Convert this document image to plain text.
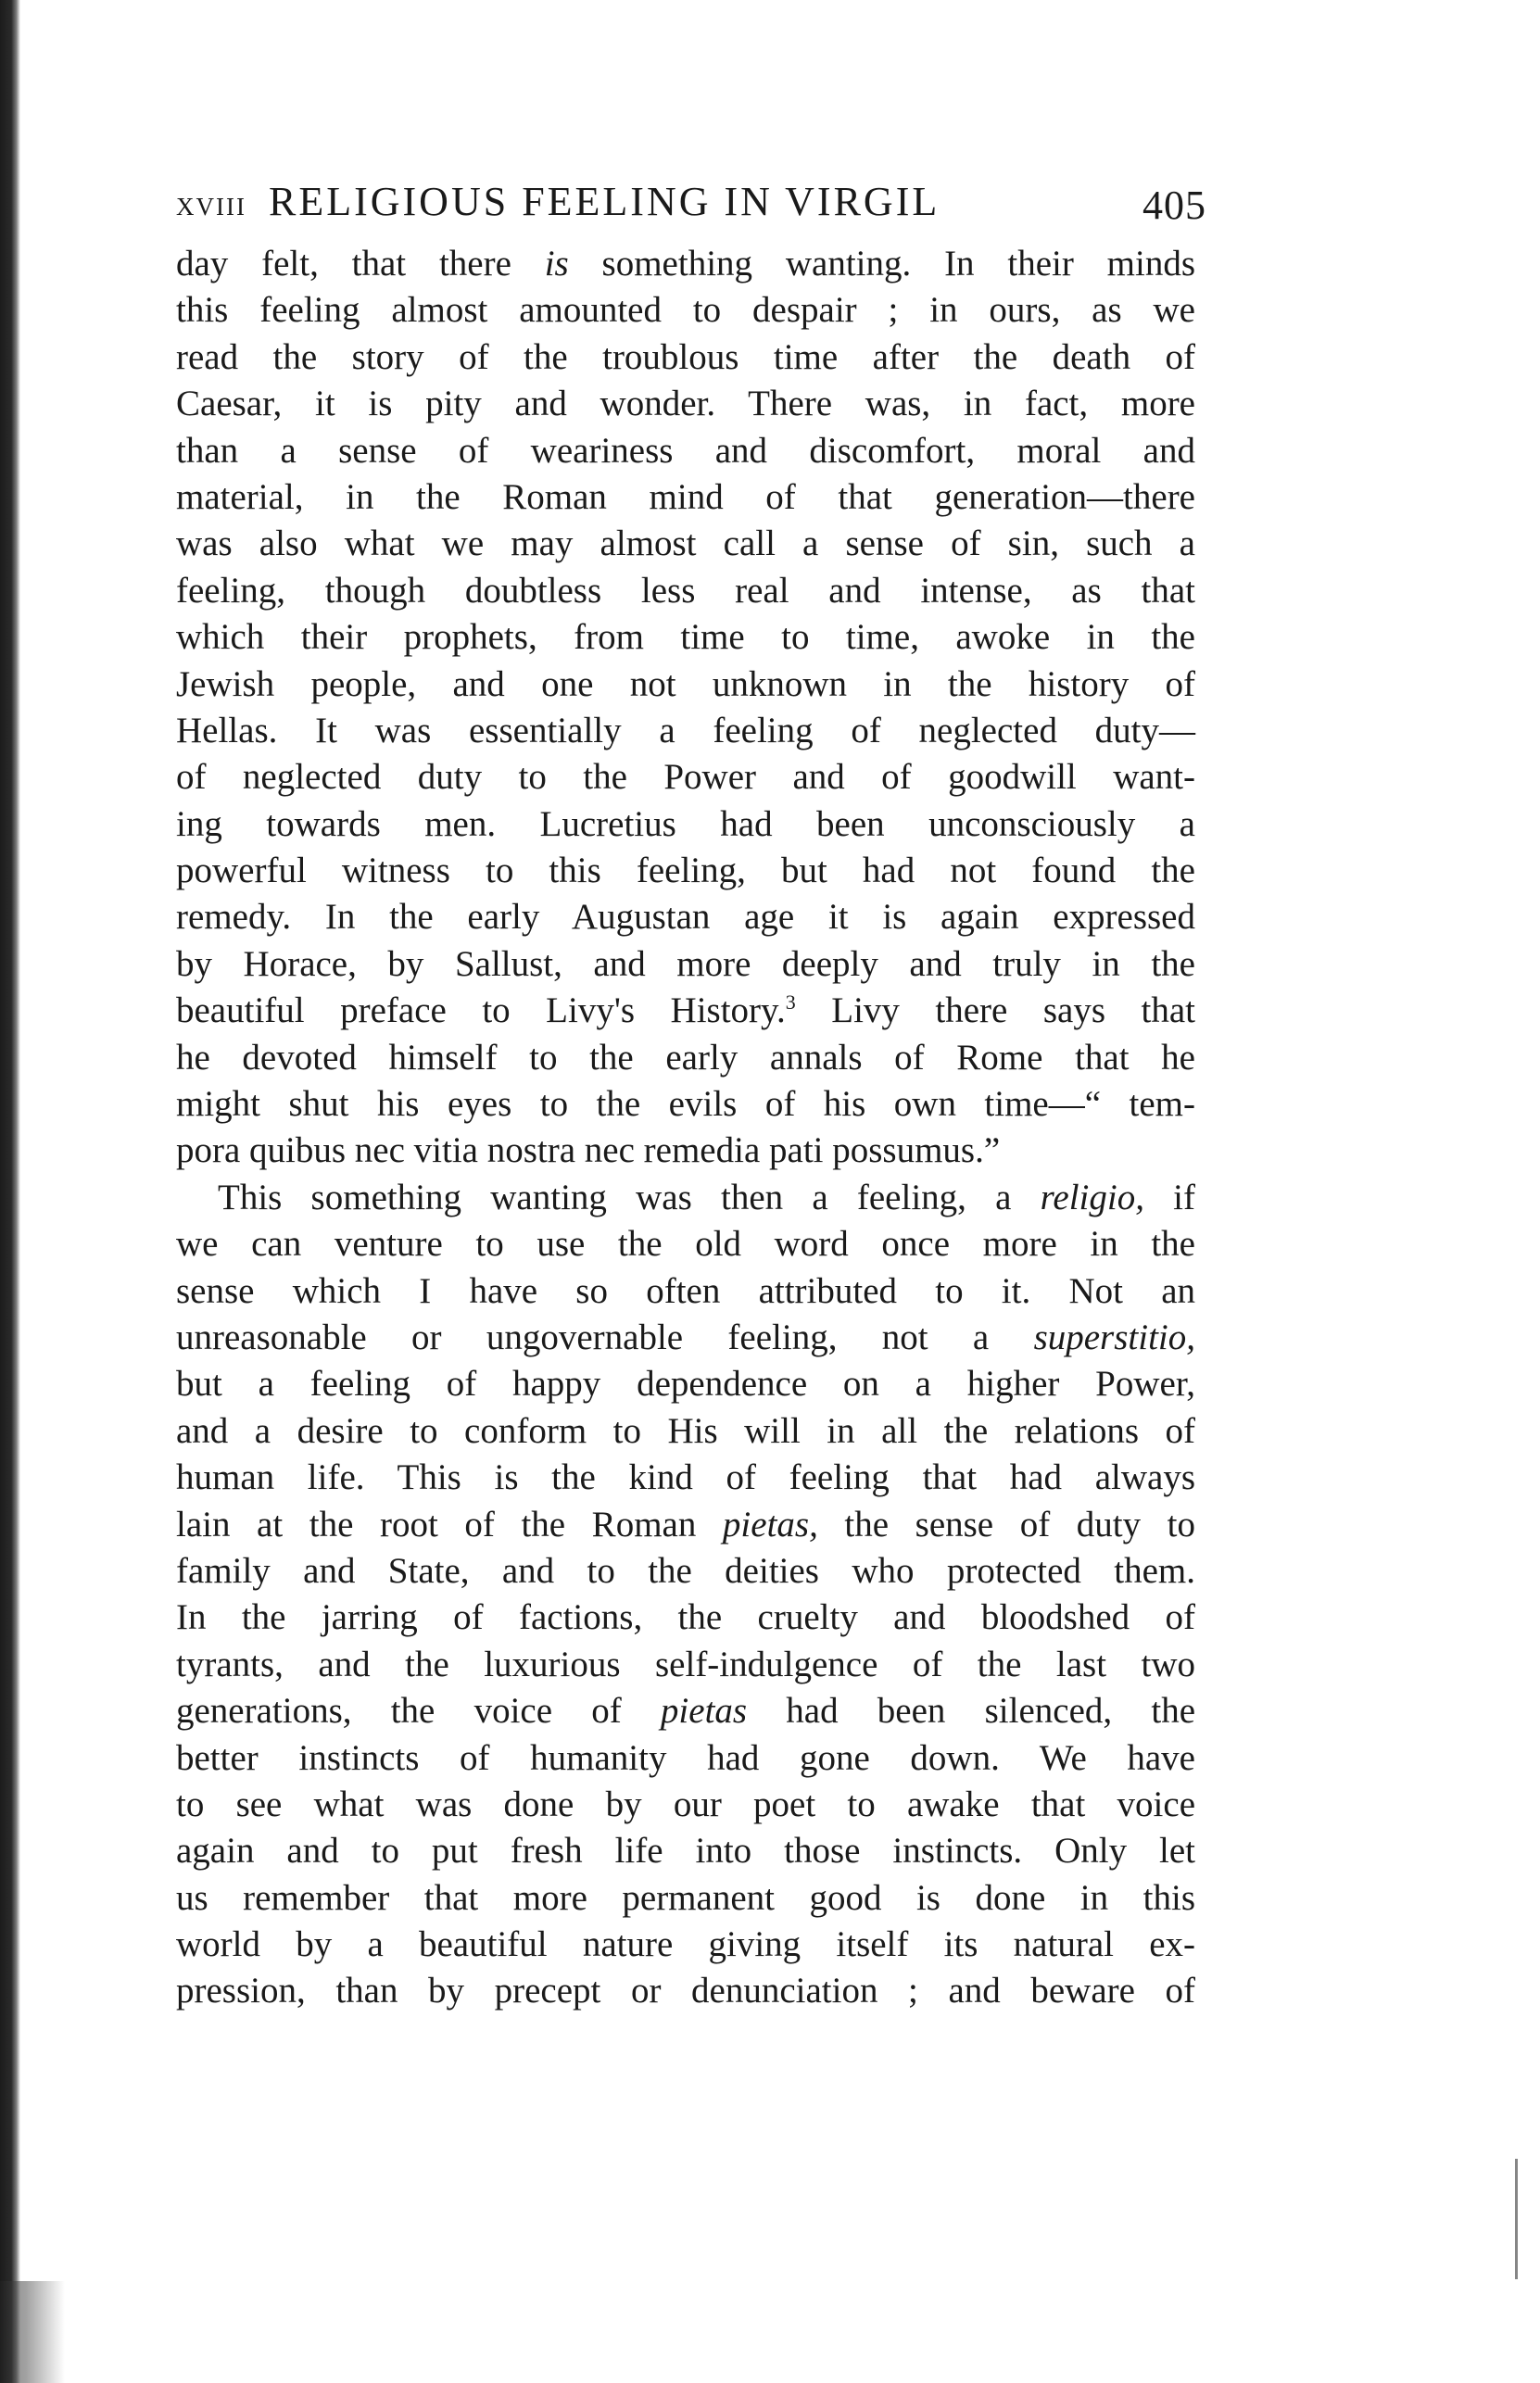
XVIII RELIGIOUS FEELING IN VIRGIL	405
day felt, that there is something wanting. In their minds
this feeling almost amounted to despair ; in ours, as we
read the story of the troublous time after the death of
Caesar, it is pity and wonder. There was, in fact, more
than a sense of weariness and discomfort, moral and
material, in the Roman mind of that generation—there
was also what we may almost call a sense of sin, such a
feeling, though doubtless less real and intense, as that
which their prophets, from time to time, awoke in the
Jewish people, and one not unknown in the history of
Hellas. It was essentially a feeling of neglected duty—
of neglected duty to the Power and of goodwill want-
ing towards men. Lucretius had been unconsciously a
powerful witness to this feeling, but had not found the
remedy. In the early Augustan age it is again expressed
by Horace, by Sallust, and more deeply and truly in the
beautiful preface to Livy's History.$^3$ Livy there says that
he devoted himself to the early annals of Rome that he
might shut his eyes to the evils of his own time—“ tem-
pora quibus nec vitia nostra nec remedia pati possumus.”
This something wanting was then a feeling, a religio, if
we can venture to use the old word once more in the
sense which I have so often attributed to it. Not an
unreasonable or ungovernable feeling, not a superstitio,
but a feeling of happy dependence on a higher Power,
and a desire to conform to His will in all the relations of
human life. This is the kind of feeling that had always
lain at the root of the Roman pietas, the sense of duty to
family and State, and to the deities who protected them.
In the jarring of factions, the cruelty and bloodshed of
tyrants, and the luxurious self-indulgence of the last two
generations, the voice of pietas had been silenced, the
better instincts of humanity had gone down. We have
to see what was done by our poet to awake that voice
again and to put fresh life into those instincts. Only let
us remember that more permanent good is done in this
world by a beautiful nature giving itself its natural ex-
pression, than by precept or denunciation ; and beware of
